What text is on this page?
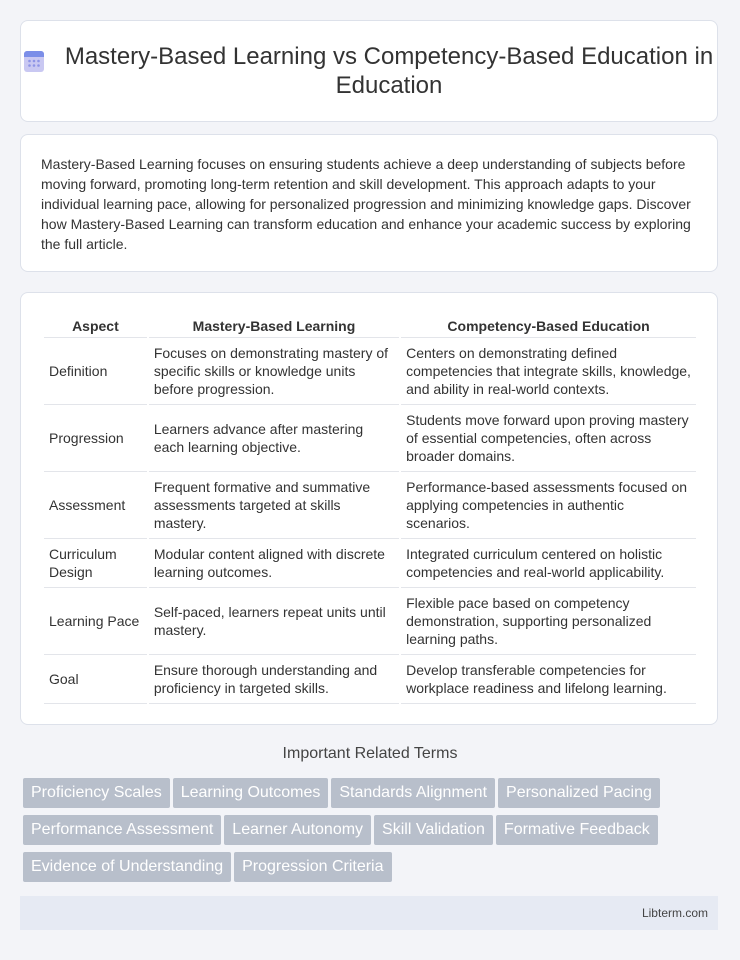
Mastery-Based Learning vs Competency-Based Education in Education

Mastery-Based Learning focuses on ensuring students achieve a deep understanding of subjects before moving forward, promoting long-term retention and skill development. This approach adapts to your individual learning pace, allowing for personalized progression and minimizing knowledge gaps. Discover how Mastery-Based Learning can transform education and enhance your academic success by exploring the full article.

Aspect	Mastery-Based Learning	Competency-Based Education
Definition	Focuses on demonstrating mastery of specific skills or knowledge units before progression.	Centers on demonstrating defined competencies that integrate skills, knowledge, and ability in real-world contexts.
Progression	Learners advance after mastering each learning objective.	Students move forward upon proving mastery of essential competencies, often across broader domains.
Assessment	Frequent formative and summative assessments targeted at skills mastery.	Performance-based assessments focused on applying competencies in authentic scenarios.
Curriculum Design	Modular content aligned with discrete learning outcomes.	Integrated curriculum centered on holistic competencies and real-world applicability.
Learning Pace	Self-paced, learners repeat units until mastery.	Flexible pace based on competency demonstration, supporting personalized learning paths.
Goal	Ensure thorough understanding and proficiency in targeted skills.	Develop transferable competencies for workplace readiness and lifelong learning.
Important Related Terms
Proficiency Scales Learning Outcomes Standards Alignment Personalized Pacing
Performance Assessment Learner Autonomy Skill Validation Formative Feedback
Evidence of Understanding Progression Criteria
Libterm.com
